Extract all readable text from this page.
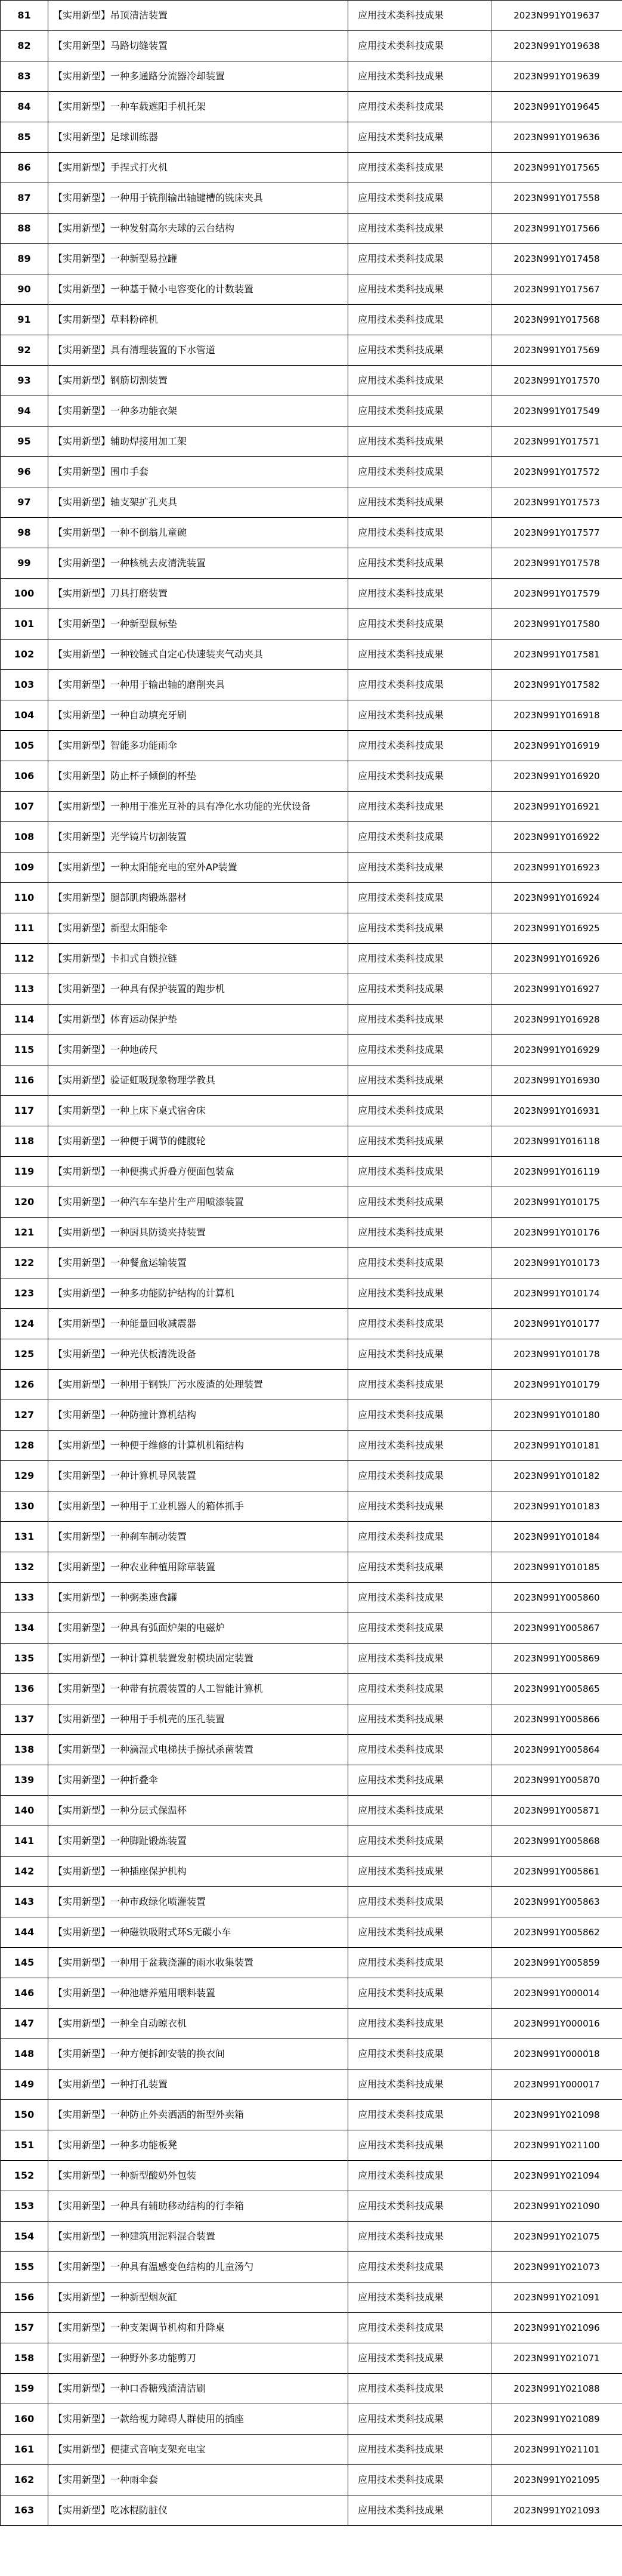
81	【实用新型】吊顶清洁装置	应用技术类科技成果	2023N991Y019637

82	【实用新型】马路切缝装置	应用技术类科技成果	2023N991Y019638

83	【实用新型】一种多通路分流器冷却装置	应用技术类科技成果	2023N991Y019639

84	【实用新型】一种车载遮阳手机托架	应用技术类科技成果	2023N991Y019645

85	【实用新型】足球训练器	应用技术类科技成果	2023N991Y019636

86	【实用新型】手捏式打火机	应用技术类科技成果	2023N991Y017565

87	【实用新型】一种用于铣削输出轴键槽的铣床夹具	应用技术类科技成果	2023N991Y017558

88	【实用新型】一种发射高尔夫球的云台结构	应用技术类科技成果	2023N991Y017566

89	【实用新型】一种新型易拉罐	应用技术类科技成果	2023N991Y017458

90	【实用新型】一种基于微小电容变化的计数装置	应用技术类科技成果	2023N991Y017567

91	【实用新型】草料粉碎机	应用技术类科技成果	2023N991Y017568

92	【实用新型】具有清理装置的下水管道	应用技术类科技成果	2023N991Y017569

93	【实用新型】钢筋切割装置	应用技术类科技成果	2023N991Y017570

94	【实用新型】一种多功能衣架	应用技术类科技成果	2023N991Y017549

95	【实用新型】辅助焊接用加工架	应用技术类科技成果	2023N991Y017571

96	【实用新型】围巾手套	应用技术类科技成果	2023N991Y017572

97	【实用新型】轴支架扩孔夹具	应用技术类科技成果	2023N991Y017573

98	【实用新型】一种不倒翁儿童碗	应用技术类科技成果	2023N991Y017577

99	【实用新型】一种核桃去皮清洗装置	应用技术类科技成果	2023N991Y017578

100	【实用新型】刀具打磨装置	应用技术类科技成果	2023N991Y017579

101	【实用新型】一种新型鼠标垫	应用技术类科技成果	2023N991Y017580

102	【实用新型】一种铰链式自定心快速装夹气动夹具	应用技术类科技成果	2023N991Y017581

103	【实用新型】一种用于输出轴的磨削夹具	应用技术类科技成果	2023N991Y017582

104	【实用新型】一种自动填充牙刷	应用技术类科技成果	2023N991Y016918

105	【实用新型】智能多功能雨伞	应用技术类科技成果	2023N991Y016919

106	【实用新型】防止杯子倾倒的杯垫	应用技术类科技成果	2023N991Y016920

107	【实用新型】一种用于准光互补的具有净化水功能的光伏设备	应用技术类科技成果	2023N991Y016921

108	【实用新型】光学镜片切割装置	应用技术类科技成果	2023N991Y016922

109	【实用新型】一种太阳能充电的室外AP装置	应用技术类科技成果	2023N991Y016923

110	【实用新型】腿部肌肉锻炼器材	应用技术类科技成果	2023N991Y016924

111	【实用新型】新型太阳能伞	应用技术类科技成果	2023N991Y016925

112	【实用新型】卡扣式自锁拉链	应用技术类科技成果	2023N991Y016926

113	【实用新型】一种具有保护装置的跑步机	应用技术类科技成果	2023N991Y016927

114	【实用新型】体育运动保护垫	应用技术类科技成果	2023N991Y016928

115	【实用新型】一种地砖尺	应用技术类科技成果	2023N991Y016929

116	【实用新型】验证虹吸现象物理学教具	应用技术类科技成果	2023N991Y016930

117	【实用新型】一种上床下桌式宿舍床	应用技术类科技成果	2023N991Y016931

118	【实用新型】一种便于调节的健腹轮	应用技术类科技成果	2023N991Y016118

119	【实用新型】一种便携式折叠方便面包装盒	应用技术类科技成果	2023N991Y016119

120	【实用新型】一种汽车车垫片生产用喷漆装置	应用技术类科技成果	2023N991Y010175

121	【实用新型】一种厨具防烫夹持装置	应用技术类科技成果	2023N991Y010176

122	【实用新型】一种餐盒运输装置	应用技术类科技成果	2023N991Y010173

123	【实用新型】一种多功能防护结构的计算机	应用技术类科技成果	2023N991Y010174

124	【实用新型】一种能量回收减震器	应用技术类科技成果	2023N991Y010177

125	【实用新型】一种光伏板清洗设备	应用技术类科技成果	2023N991Y010178

126	【实用新型】一种用于钢铁厂污水废渣的处理装置	应用技术类科技成果	2023N991Y010179

127	【实用新型】一种防撞计算机结构	应用技术类科技成果	2023N991Y010180

128	【实用新型】一种便于维修的计算机机箱结构	应用技术类科技成果	2023N991Y010181

129	【实用新型】一种计算机导风装置	应用技术类科技成果	2023N991Y010182

130	【实用新型】一种用于工业机器人的箱体抓手	应用技术类科技成果	2023N991Y010183

131	【实用新型】一种刹车制动装置	应用技术类科技成果	2023N991Y010184

132	【实用新型】一种农业种植用除草装置	应用技术类科技成果	2023N991Y010185

133	【实用新型】一种粥类速食罐	应用技术类科技成果	2023N991Y005860

134	【实用新型】一种具有弧面炉架的电磁炉	应用技术类科技成果	2023N991Y005867

135	【实用新型】一种计算机装置发射模块固定装置	应用技术类科技成果	2023N991Y005869

136	【实用新型】一种带有抗震装置的人工智能计算机	应用技术类科技成果	2023N991Y005865

137	【实用新型】一种用于手机壳的压孔装置	应用技术类科技成果	2023N991Y005866

138	【实用新型】一种滴湿式电梯扶手擦拭杀菌装置	应用技术类科技成果	2023N991Y005864

139	【实用新型】一种折叠伞	应用技术类科技成果	2023N991Y005870

140	【实用新型】一种分层式保温杯	应用技术类科技成果	2023N991Y005871

141	【实用新型】一种脚趾锻炼装置	应用技术类科技成果	2023N991Y005868

142	【实用新型】一种插座保护机构	应用技术类科技成果	2023N991Y005861

143	【实用新型】一种市政绿化喷灌装置	应用技术类科技成果	2023N991Y005863

144	【实用新型】一种磁铁吸附式环S无碳小车	应用技术类科技成果	2023N991Y005862

145	【实用新型】一种用于盆栽浇灌的雨水收集装置	应用技术类科技成果	2023N991Y005859

146	【实用新型】一种池塘养殖用喂料装置	应用技术类科技成果	2023N991Y000014

147	【实用新型】一种全自动晾衣机	应用技术类科技成果	2023N991Y000016

148	【实用新型】一种方便拆卸安装的换衣间	应用技术类科技成果	2023N991Y000018

149	【实用新型】一种打孔装置	应用技术类科技成果	2023N991Y000017

150	【实用新型】一种防止外卖洒洒的新型外卖箱	应用技术类科技成果	2023N991Y021098

151	【实用新型】一种多功能板凳	应用技术类科技成果	2023N991Y021100

152	【实用新型】一种新型酸奶外包装	应用技术类科技成果	2023N991Y021094

153	【实用新型】一种具有辅助移动结构的行李箱	应用技术类科技成果	2023N991Y021090

154	【实用新型】一种建筑用泥料混合装置	应用技术类科技成果	2023N991Y021075

155	【实用新型】一种具有温感变色结构的儿童汤勺	应用技术类科技成果	2023N991Y021073

156	【实用新型】一种新型烟灰缸	应用技术类科技成果	2023N991Y021091

157	【实用新型】一种支架调节机构和升降桌	应用技术类科技成果	2023N991Y021096

158	【实用新型】一种野外多功能剪刀	应用技术类科技成果	2023N991Y021071

159	【实用新型】一种口香糖残渣清洁刷	应用技术类科技成果	2023N991Y021088

160	【实用新型】一款给视力障碍人群使用的插座	应用技术类科技成果	2023N991Y021089

161	【实用新型】便捷式音响支架充电宝	应用技术类科技成果	2023N991Y021101

162	【实用新型】一种雨伞套	应用技术类科技成果	2023N991Y021095

163	【实用新型】吃冰棍防脏仪	应用技术类科技成果	2023N991Y021093
